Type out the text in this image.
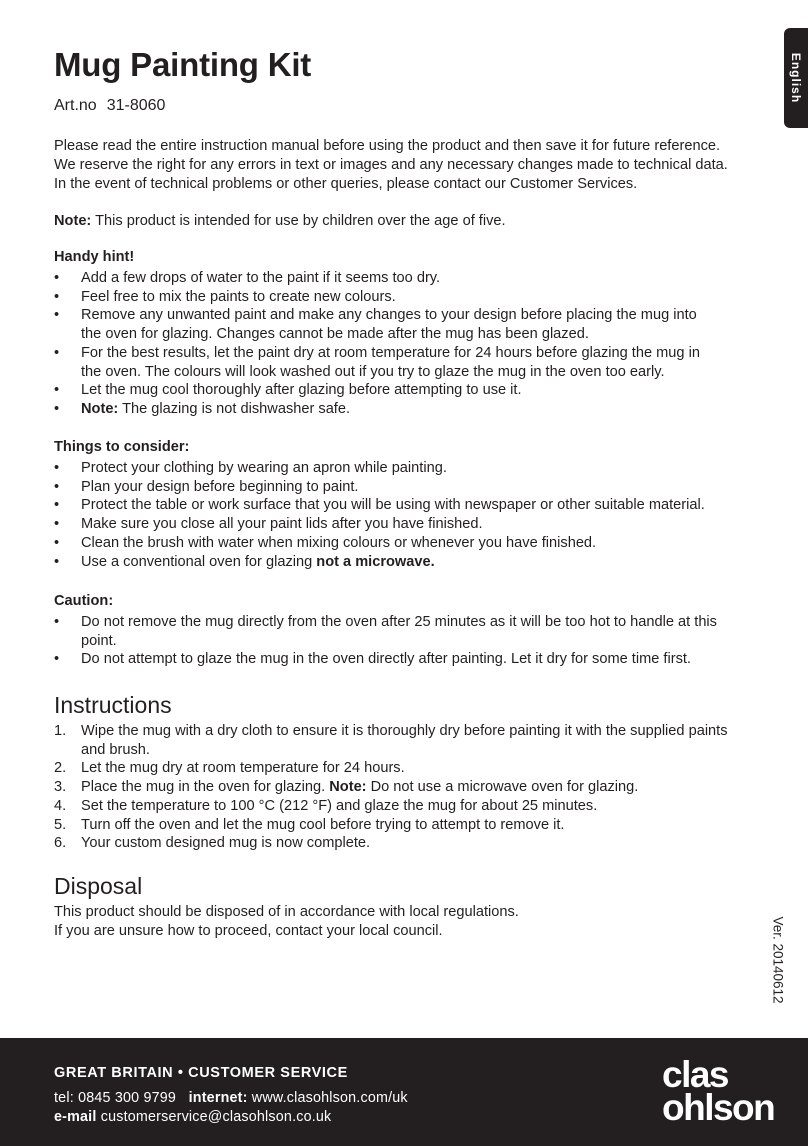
English
Mug Painting Kit
Art.no 31-8060
Please read the entire instruction manual before using the product and then save it for future reference.
We reserve the right for any errors in text or images and any necessary changes made to technical data.
In the event of technical problems or other queries, please contact our Customer Services.
Note: This product is intended for use by children over the age of five.
Handy hint!
• Add a few drops of water to the paint if it seems too dry.
• Feel free to mix the paints to create new colours.
• Remove any unwanted paint and make any changes to your design before placing the mug into the oven for glazing. Changes cannot be made after the mug has been glazed.
• For the best results, let the paint dry at room temperature for 24 hours before glazing the mug in the oven. The colours will look washed out if you try to glaze the mug in the oven too early.
• Let the mug cool thoroughly after glazing before attempting to use it.
• Note: The glazing is not dishwasher safe.
Things to consider:
• Protect your clothing by wearing an apron while painting.
• Plan your design before beginning to paint.
• Protect the table or work surface that you will be using with newspaper or other suitable material.
• Make sure you close all your paint lids after you have finished.
• Clean the brush with water when mixing colours or whenever you have finished.
• Use a conventional oven for glazing not a microwave.
Caution:
• Do not remove the mug directly from the oven after 25 minutes as it will be too hot to handle at this point.
• Do not attempt to glaze the mug in the oven directly after painting. Let it dry for some time first.
Instructions
1. Wipe the mug with a dry cloth to ensure it is thoroughly dry before painting it with the supplied paints and brush.
2. Let the mug dry at room temperature for 24 hours.
3. Place the mug in the oven for glazing. Note: Do not use a microwave oven for glazing.
4. Set the temperature to 100 °C (212 °F) and glaze the mug for about 25 minutes.
5. Turn off the oven and let the mug cool before trying to attempt to remove it.
6. Your custom designed mug is now complete.
Disposal
This product should be disposed of in accordance with local regulations.
If you are unsure how to proceed, contact your local council.	Ver. 20140612
GREAT BRITAIN • CUSTOMER SERVICE
tel: 0845 300 9799 internet: www.clasohlson.com/uk
e-mail customerservice@clasohlson.co.uk
clas
ohlson
